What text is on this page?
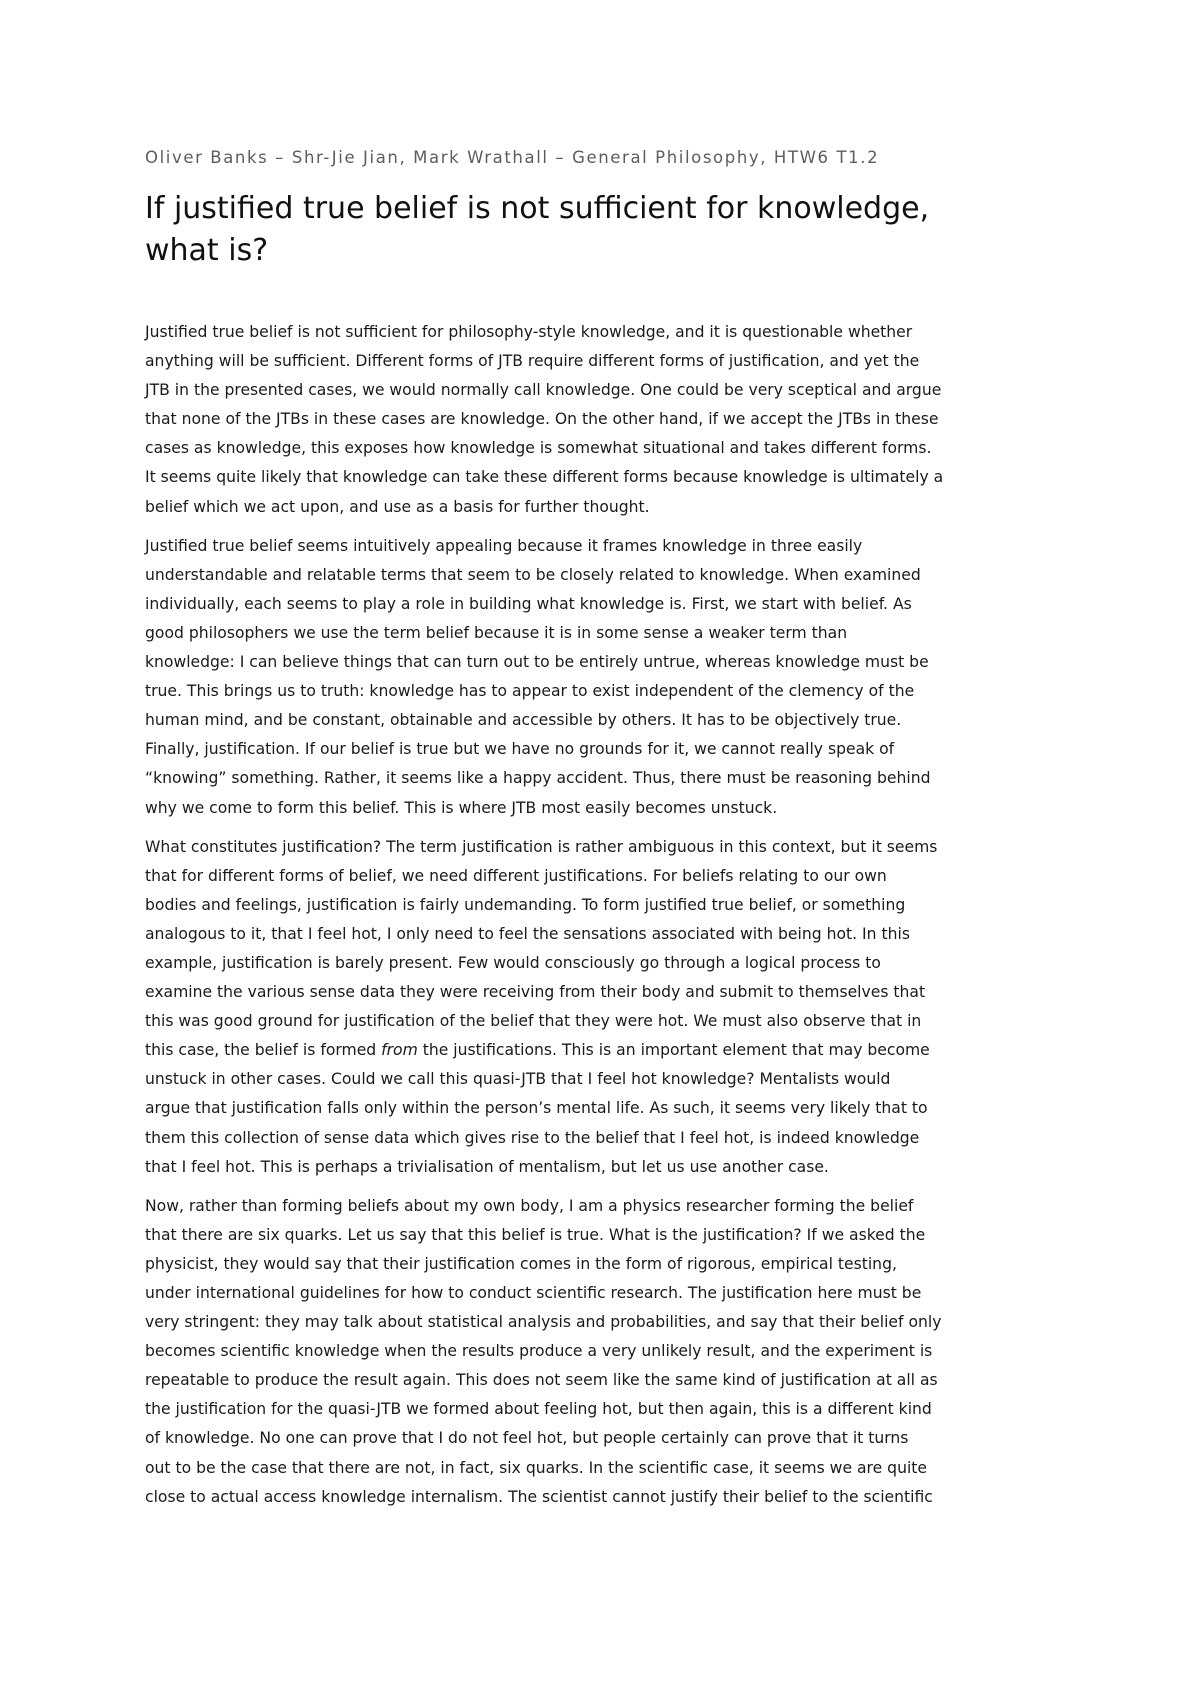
Oliver Banks – Shr-Jie Jian, Mark Wrathall – General Philosophy, HTW6 T1.2
If justified true belief is not sufficient for knowledge,
what is?
Justified true belief is not sufficient for philosophy-style knowledge, and it is questionable whether
anything will be sufficient. Different forms of JTB require different forms of justification, and yet the
JTB in the presented cases, we would normally call knowledge. One could be very sceptical and argue
that none of the JTBs in these cases are knowledge. On the other hand, if we accept the JTBs in these
cases as knowledge, this exposes how knowledge is somewhat situational and takes different forms.
It seems quite likely that knowledge can take these different forms because knowledge is ultimately a
belief which we act upon, and use as a basis for further thought.
Justified true belief seems intuitively appealing because it frames knowledge in three easily
understandable and relatable terms that seem to be closely related to knowledge. When examined
individually, each seems to play a role in building what knowledge is. First, we start with belief. As
good philosophers we use the term belief because it is in some sense a weaker term than
knowledge: I can believe things that can turn out to be entirely untrue, whereas knowledge must be
true. This brings us to truth: knowledge has to appear to exist independent of the clemency of the
human mind, and be constant, obtainable and accessible by others. It has to be objectively true.
Finally, justification. If our belief is true but we have no grounds for it, we cannot really speak of
“knowing” something. Rather, it seems like a happy accident. Thus, there must be reasoning behind
why we come to form this belief. This is where JTB most easily becomes unstuck.
What constitutes justification? The term justification is rather ambiguous in this context, but it seems
that for different forms of belief, we need different justifications. For beliefs relating to our own
bodies and feelings, justification is fairly undemanding. To form justified true belief, or something
analogous to it, that I feel hot, I only need to feel the sensations associated with being hot. In this
example, justification is barely present. Few would consciously go through a logical process to
examine the various sense data they were receiving from their body and submit to themselves that
this was good ground for justification of the belief that they were hot. We must also observe that in
this case, the belief is formed from the justifications. This is an important element that may become
unstuck in other cases. Could we call this quasi-JTB that I feel hot knowledge? Mentalists would
argue that justification falls only within the person’s mental life. As such, it seems very likely that to
them this collection of sense data which gives rise to the belief that I feel hot, is indeed knowledge
that I feel hot. This is perhaps a trivialisation of mentalism, but let us use another case.
Now, rather than forming beliefs about my own body, I am a physics researcher forming the belief
that there are six quarks. Let us say that this belief is true. What is the justification? If we asked the
physicist, they would say that their justification comes in the form of rigorous, empirical testing,
under international guidelines for how to conduct scientific research. The justification here must be
very stringent: they may talk about statistical analysis and probabilities, and say that their belief only
becomes scientific knowledge when the results produce a very unlikely result, and the experiment is
repeatable to produce the result again. This does not seem like the same kind of justification at all as
the justification for the quasi-JTB we formed about feeling hot, but then again, this is a different kind
of knowledge. No one can prove that I do not feel hot, but people certainly can prove that it turns
out to be the case that there are not, in fact, six quarks. In the scientific case, it seems we are quite
close to actual access knowledge internalism. The scientist cannot justify their belief to the scientific
